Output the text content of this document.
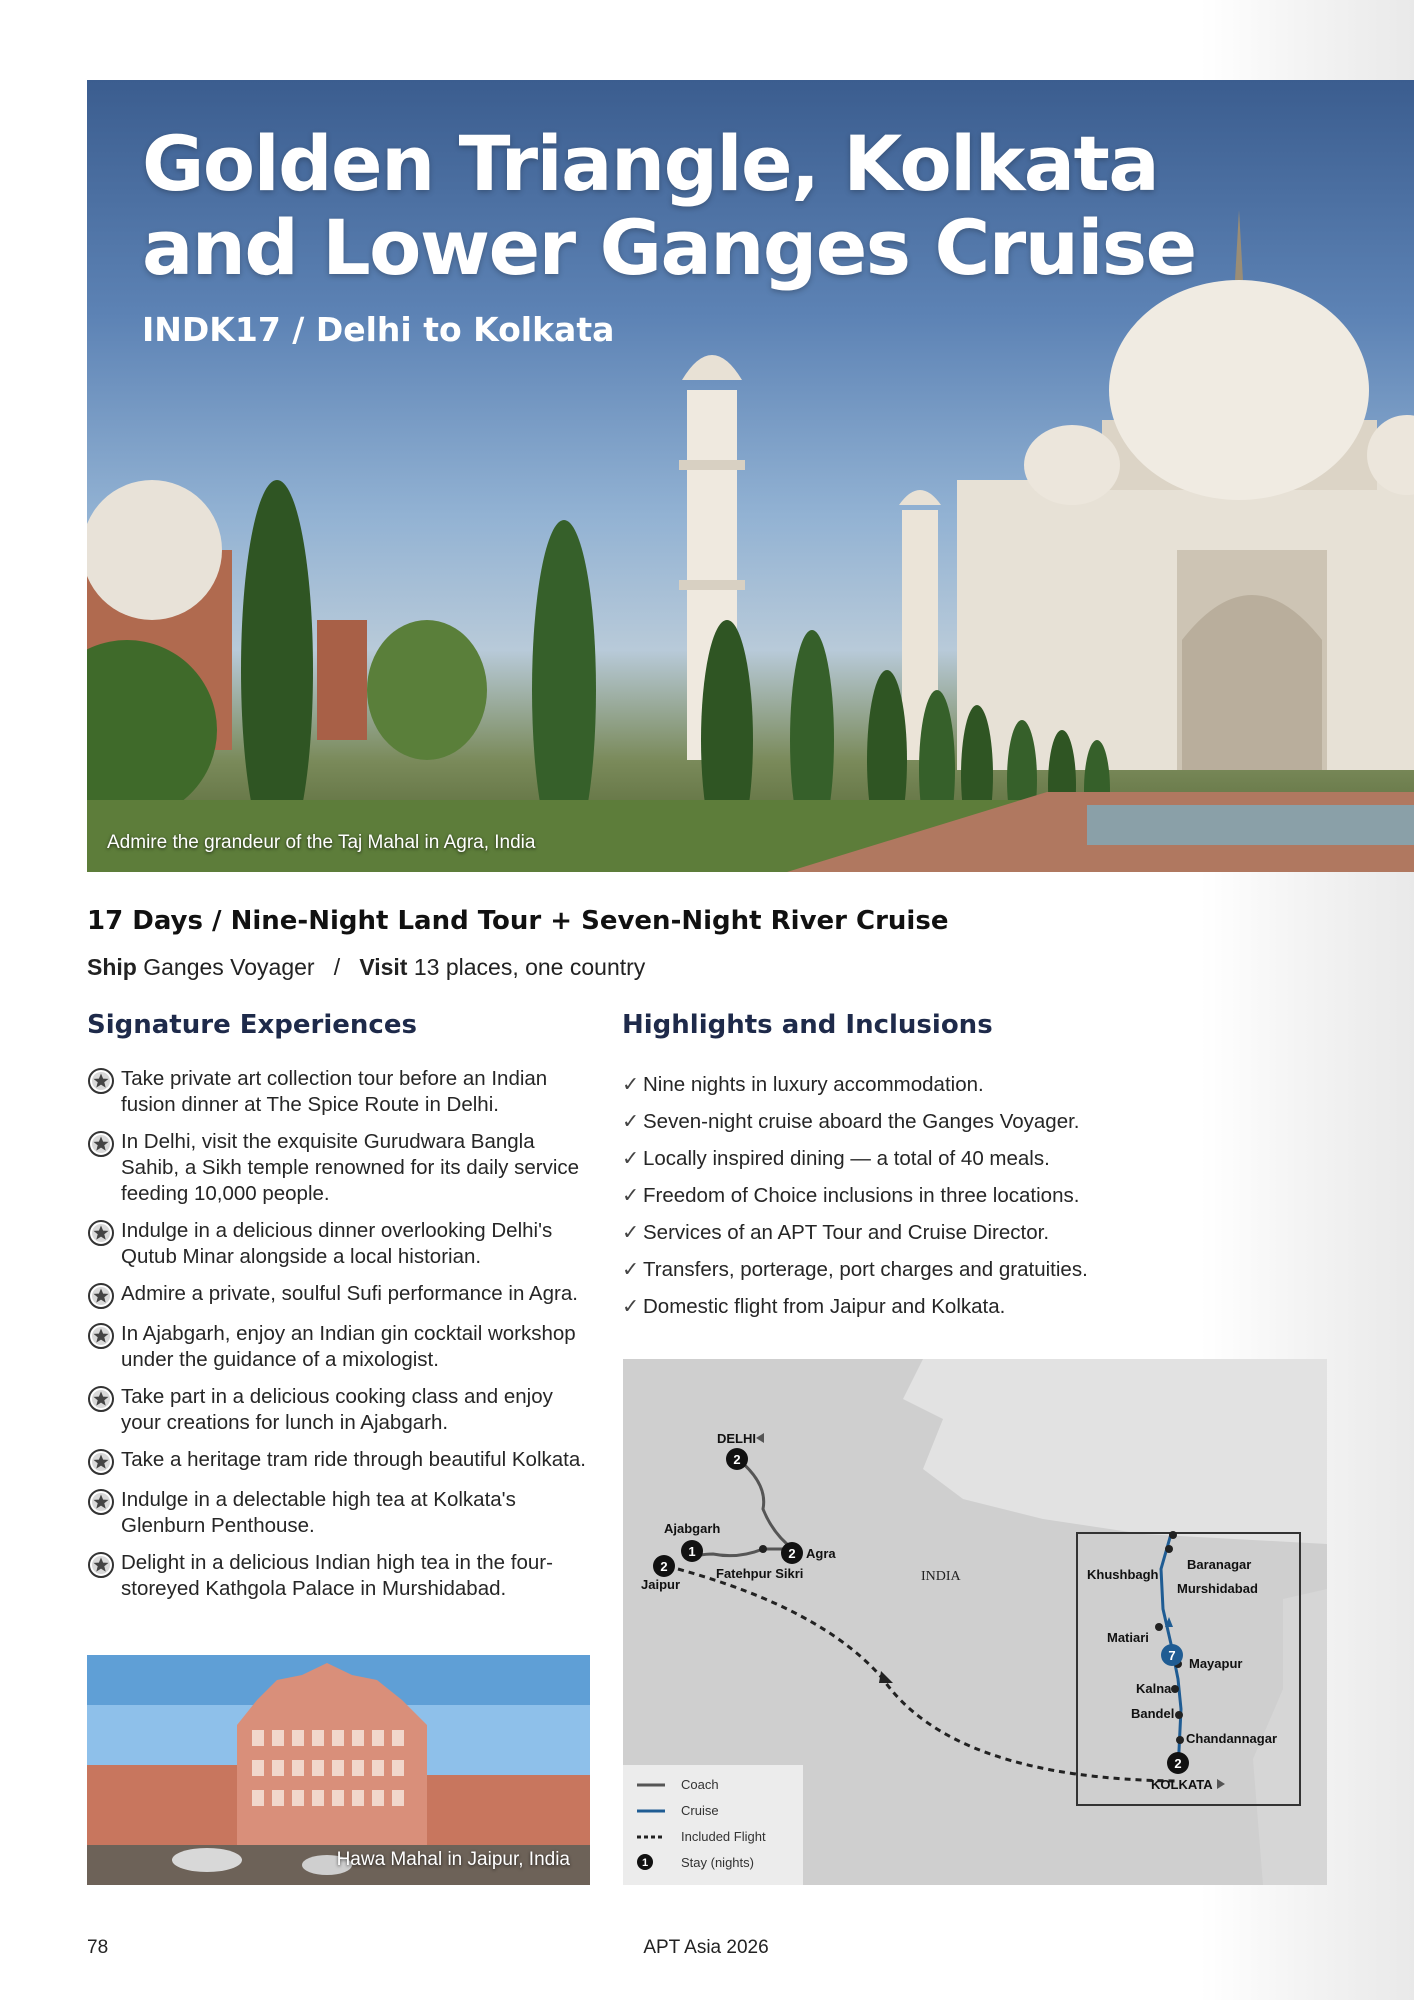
Golden Triangle, Kolkata and Lower Ganges Cruise
INDK17 / Delhi to Kolkata
Admire the grandeur of the Taj Mahal in Agra, India
17 Days / Nine-Night Land Tour + Seven-Night River Cruise
Ship Ganges Voyager / Visit 13 places, one country
Signature Experiences
Take private art collection tour before an Indian fusion dinner at The Spice Route in Delhi.
In Delhi, visit the exquisite Gurudwara Bangla Sahib, a Sikh temple renowned for its daily service feeding 10,000 people.
Indulge in a delicious dinner overlooking Delhi's Qutub Minar alongside a local historian.
Admire a private, soulful Sufi performance in Agra.
In Ajabgarh, enjoy an Indian gin cocktail workshop under the guidance of a mixologist.
Take part in a delicious cooking class and enjoy your creations for lunch in Ajabgarh.
Take a heritage tram ride through beautiful Kolkata.
Indulge in a delectable high tea at Kolkata's Glenburn Penthouse.
Delight in a delicious Indian high tea in the four-storeyed Kathgola Palace in Murshidabad.
Highlights and Inclusions
✓ Nine nights in luxury accommodation.
✓ Seven-night cruise aboard the Ganges Voyager.
✓ Locally inspired dining — a total of 40 meals.
✓ Freedom of Choice inclusions in three locations.
✓ Services of an APT Tour and Cruise Director.
✓ Transfers, porterage, port charges and gratuities.
✓ Domestic flight from Jaipur and Kolkata.
Hawa Mahal in Jaipur, India
2
2
1
2
7
2
DELHI
Agra
Ajabgarh
Jaipur
Fatehpur Sikri
Baranagar
Khushbagh
Murshidabad
Matiari
Mayapur
Kalna
Bandel
Chandannagar
KOLKATA
INDIA
Coach
Cruise
Included Flight
1	Stay (nights)
APT Asia 2026
78
